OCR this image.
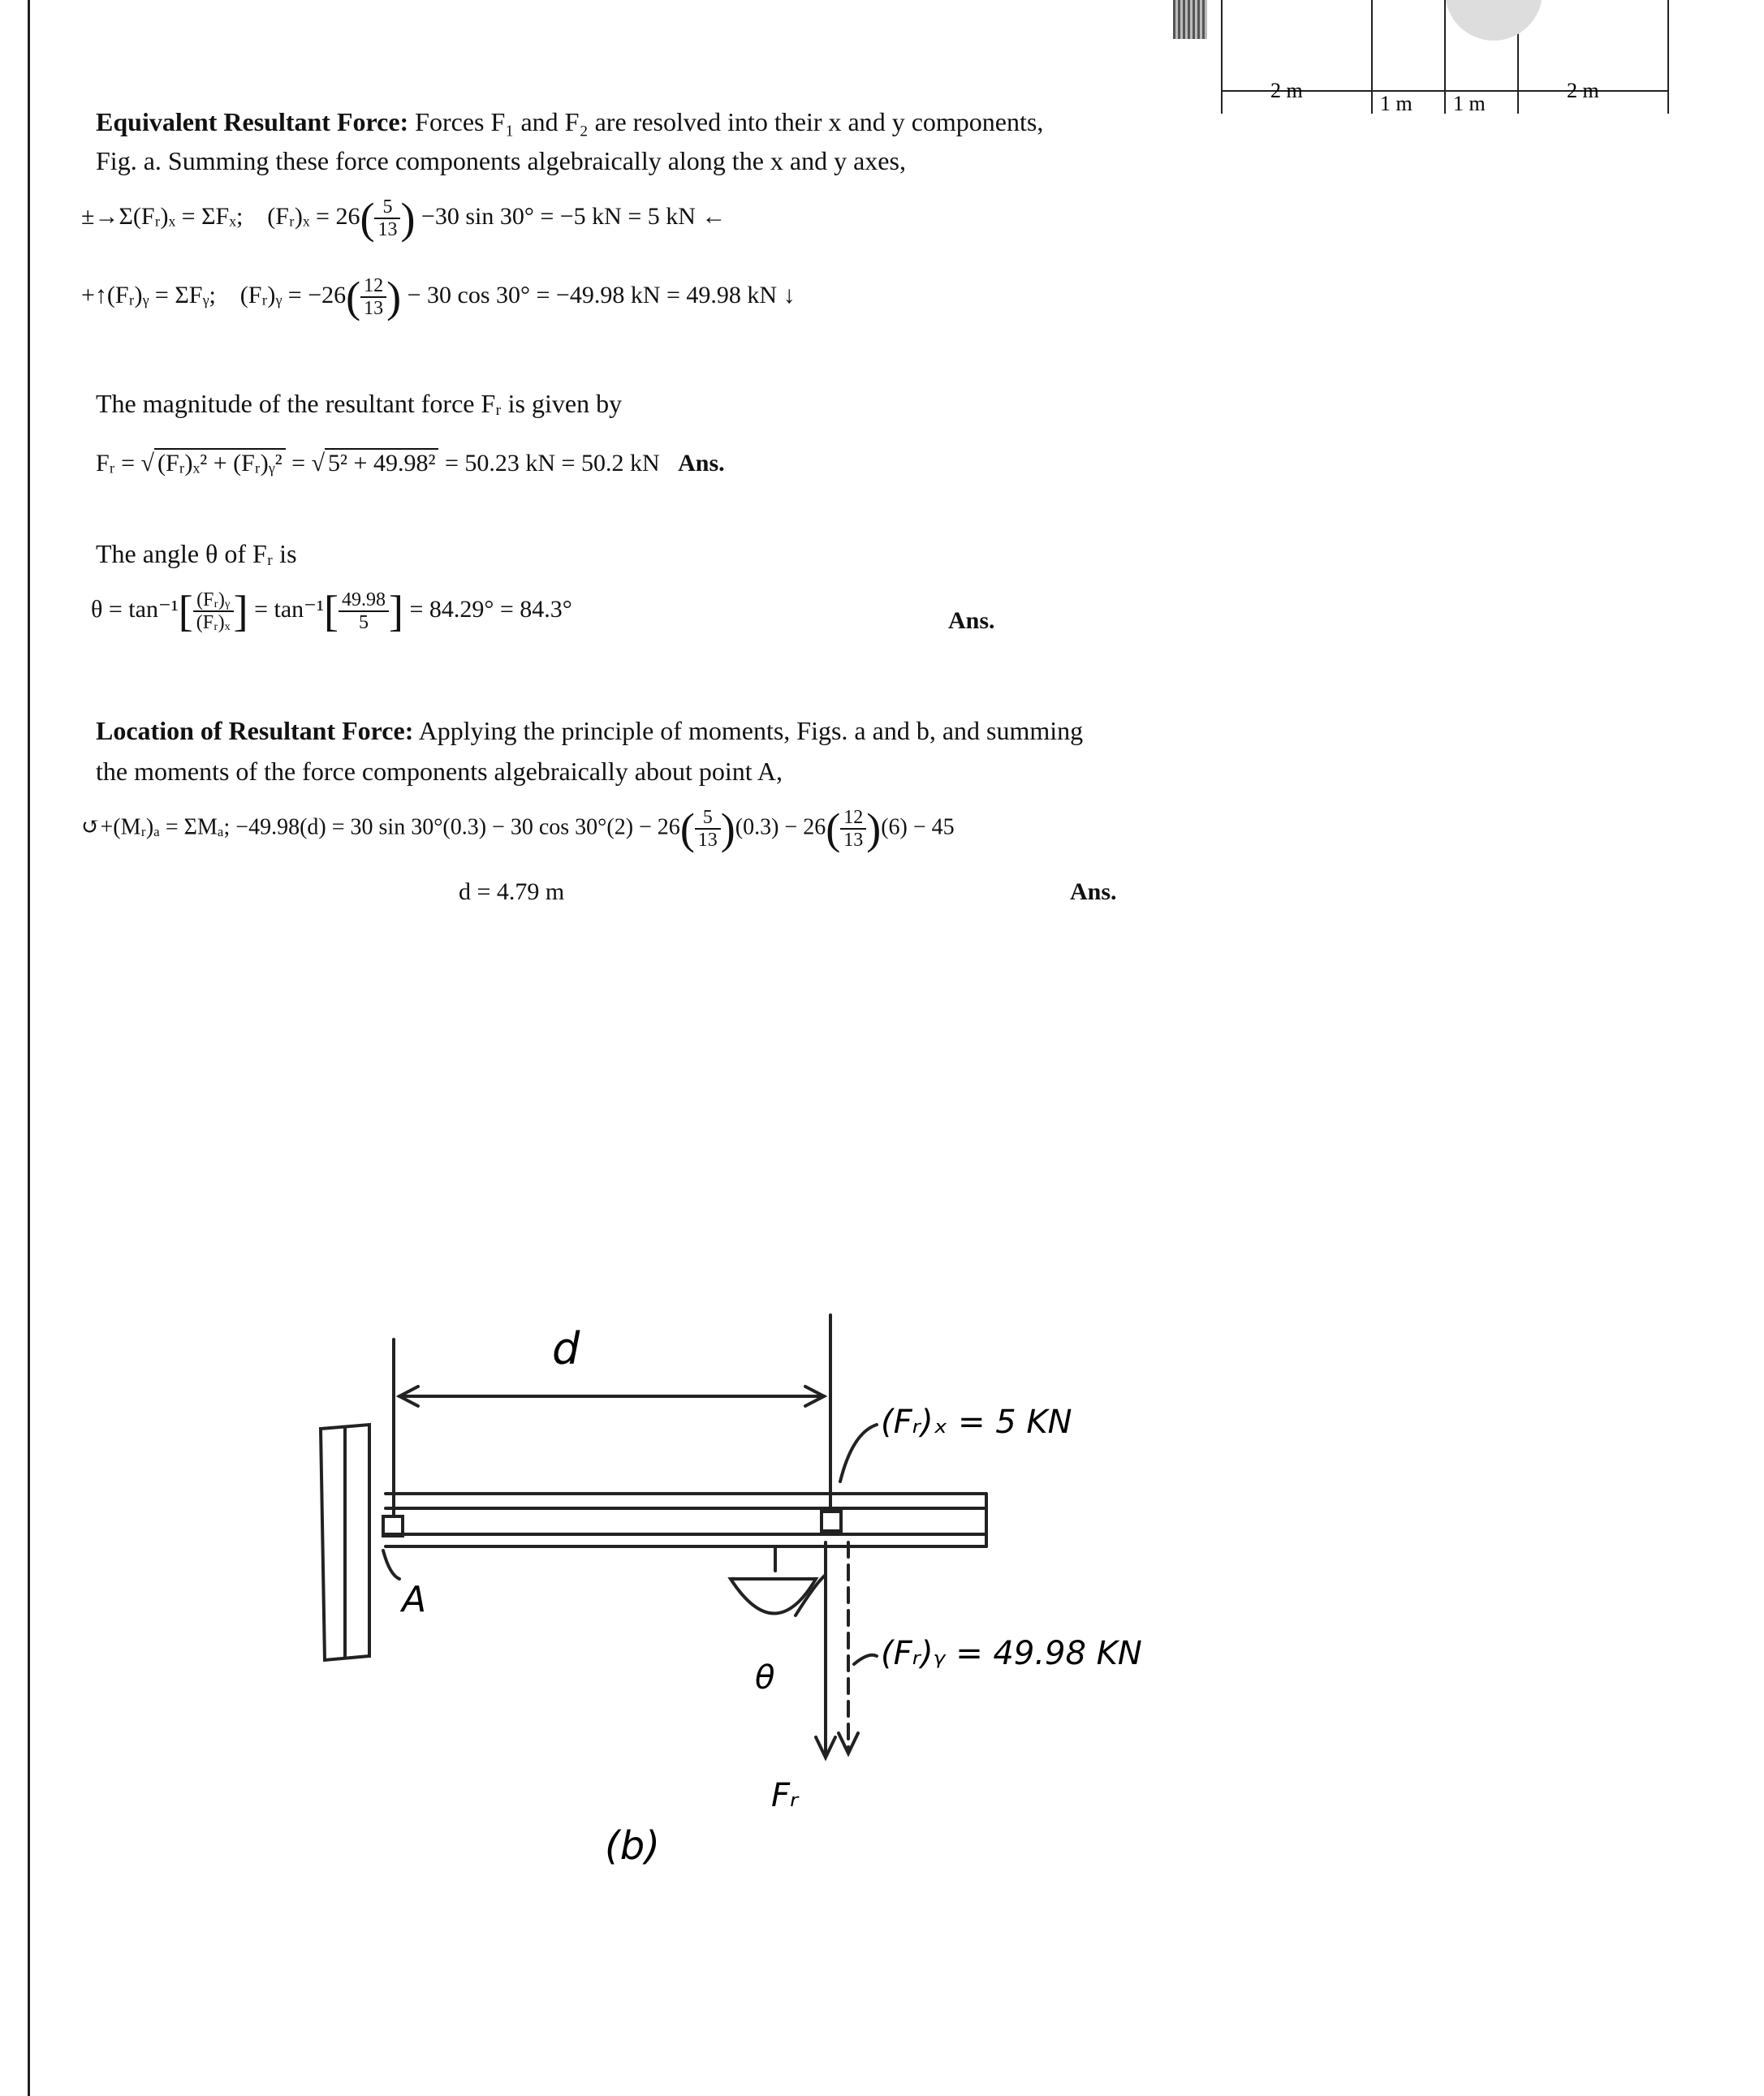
2 m
1 m 1 m
2 m
Equivalent Resultant Force: Forces F₁ and F₂ are resolved into their x and y components,
Fig. a. Summing these force components algebraically along the x and y axes,
±→Σ(Fᵣ)ₓ = ΣFₓ; (Fᵣ)ₓ = $26( \frac{5}{13}$ ) −30 sin 30° = −5 kN = 5 kN ←
+↑(Fᵣ)ᵧ = ΣFᵧ; (Fᵣ)ᵧ = $-26( \frac{12}{13}$ ) − 30 cos 30° = −49.98 kN = 49.98 kN ↓
The magnitude of the resultant force Fᵣ is given by
Fᵣ = √ (Fᵣ)ₓ² + (Fᵣ)ᵧ² = √ 5² + 49.98² = 50.23 kN = 50.2 kN Ans.
The angle θ of Fᵣ is
$\theta = \tan^{-1}[ \frac{\text{(Fᵣ)ᵧ}}{\text{(Fᵣ)ₓ}}$ ] = $\tan^{-1}[ \frac{49.98}{5}$ ] = 84.29° = 84.3°	Ans.
Location of Resultant Force: Applying the principle of moments, Figs. a and b, and summing
the moments of the force components algebraically about point A,
↺+(Mᵣ)ₐ = ΣMₐ; −49.98(d) = 30 sin 30°(0.3) − 30 $\cos 30^\circ(2) - 26( \frac{5}{13} )(0.3) - 26( \frac{12}{13} )(6) - 45$
d = 4.79 m	Ans.
d
(Fᵣ)ₓ = 5 KN
(Fᵣ)ᵧ = 49.98 KN
A
θ
Fᵣ
(b)
